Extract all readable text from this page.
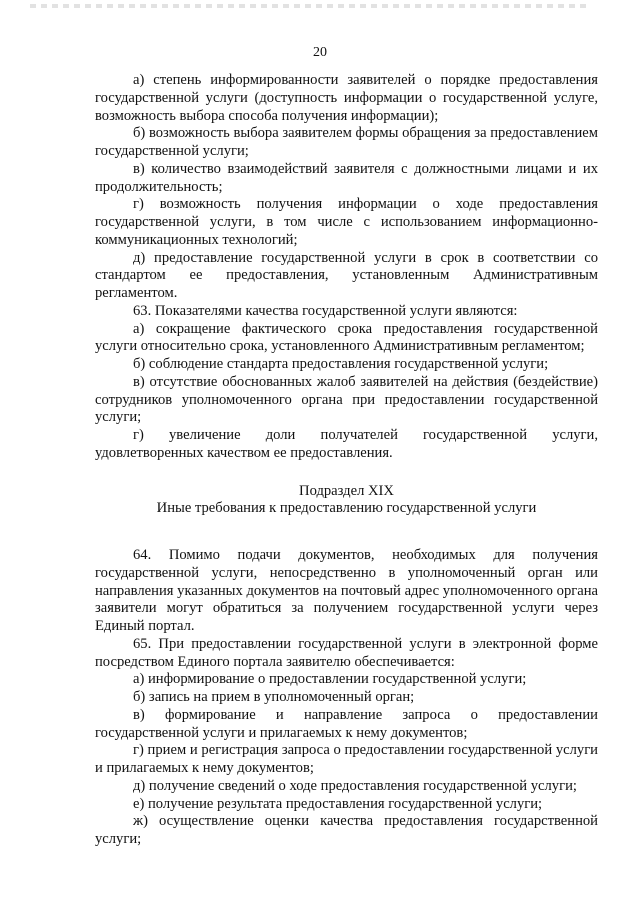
20

а) степень информированности заявителей о порядке предоставления государственной услуги (доступность информации о государственной услуге, возможность выбора способа получения информации);

б) возможность выбора заявителем формы обращения за предоставлением государственной услуги;

в) количество взаимодействий заявителя с должностными лицами и их продолжительность;

г) возможность получения информации о ходе предоставления государственной услуги, в том числе с использованием информационно-коммуникационных технологий;

д) предоставление государственной услуги в срок в соответствии со стандартом ее предоставления, установленным Административным регламентом.

63. Показателями качества государственной услуги являются:

а) сокращение фактического срока предоставления государственной услуги относительно срока, установленного Административным регламентом;

б) соблюдение стандарта предоставления государственной услуги;

в) отсутствие обоснованных жалоб заявителей на действия (бездействие) сотрудников уполномоченного органа при предоставлении государственной услуги;

г) увеличение доли получателей государственной услуги, удовлетворенных качеством ее предоставления.

Подраздел XIX
Иные требования к предоставлению государственной услуги

64. Помимо подачи документов, необходимых для получения государственной услуги, непосредственно в уполномоченный орган или направления указанных документов на почтовый адрес уполномоченного органа заявители могут обратиться за получением государственной услуги через Единый портал.

65. При предоставлении государственной услуги в электронной форме посредством Единого портала заявителю обеспечивается:

а) информирование о предоставлении государственной услуги;

б) запись на прием в уполномоченный орган;

в) формирование и направление запроса о предоставлении государственной услуги и прилагаемых к нему документов;

г) прием и регистрация запроса о предоставлении государственной услуги и прилагаемых к нему документов;

д) получение сведений о ходе предоставления государственной услуги;

е) получение результата предоставления государственной услуги;

ж) осуществление оценки качества предоставления государственной услуги;
